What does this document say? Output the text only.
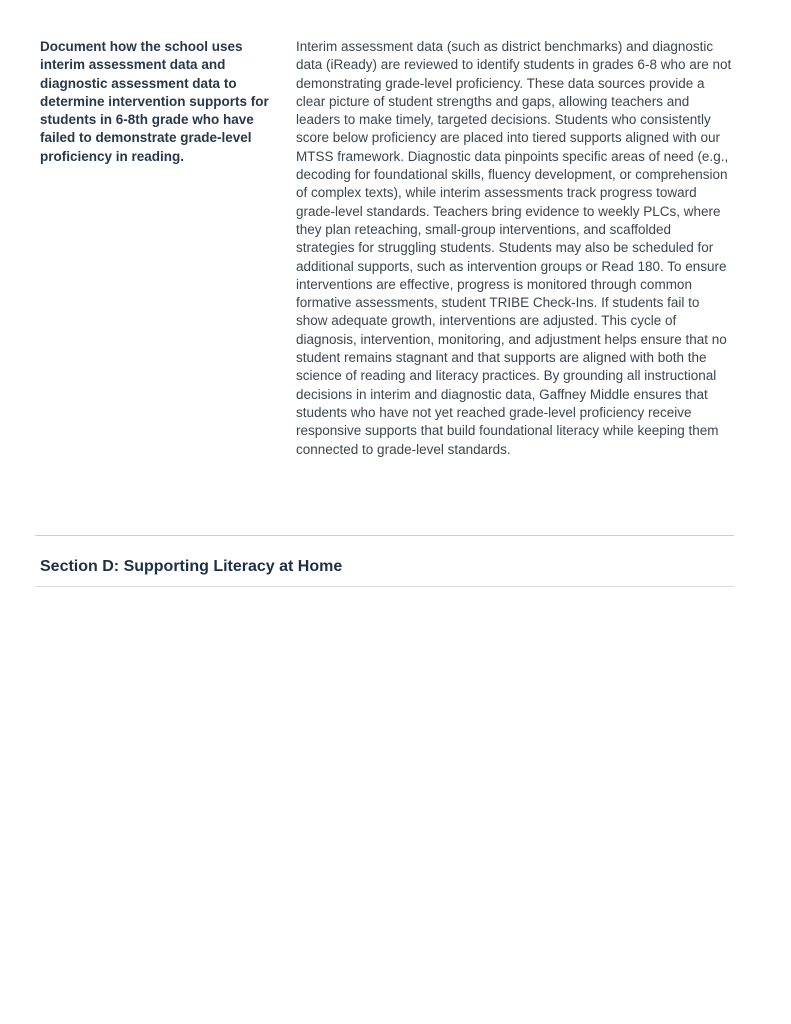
Document how the school uses interim assessment data and diagnostic assessment data to determine intervention supports for students in 6-8th grade who have failed to demonstrate grade-level proficiency in reading.
Interim assessment data (such as district benchmarks) and diagnostic data (iReady) are reviewed to identify students in grades 6-8 who are not demonstrating grade-level proficiency. These data sources provide a clear picture of student strengths and gaps, allowing teachers and leaders to make timely, targeted decisions. Students who consistently score below proficiency are placed into tiered supports aligned with our MTSS framework. Diagnostic data pinpoints specific areas of need (e.g., decoding for foundational skills, fluency development, or comprehension of complex texts), while interim assessments track progress toward grade-level standards. Teachers bring evidence to weekly PLCs, where they plan reteaching, small-group interventions, and scaffolded strategies for struggling students. Students may also be scheduled for additional supports, such as intervention groups or Read 180. To ensure interventions are effective, progress is monitored through common formative assessments, student TRIBE Check-Ins. If students fail to show adequate growth, interventions are adjusted. This cycle of diagnosis, intervention, monitoring, and adjustment helps ensure that no student remains stagnant and that supports are aligned with both the science of reading and literacy practices. By grounding all instructional decisions in interim and diagnostic data, Gaffney Middle ensures that students who have not yet reached grade-level proficiency receive responsive supports that build foundational literacy while keeping them connected to grade-level standards.
Section D: Supporting Literacy at Home
